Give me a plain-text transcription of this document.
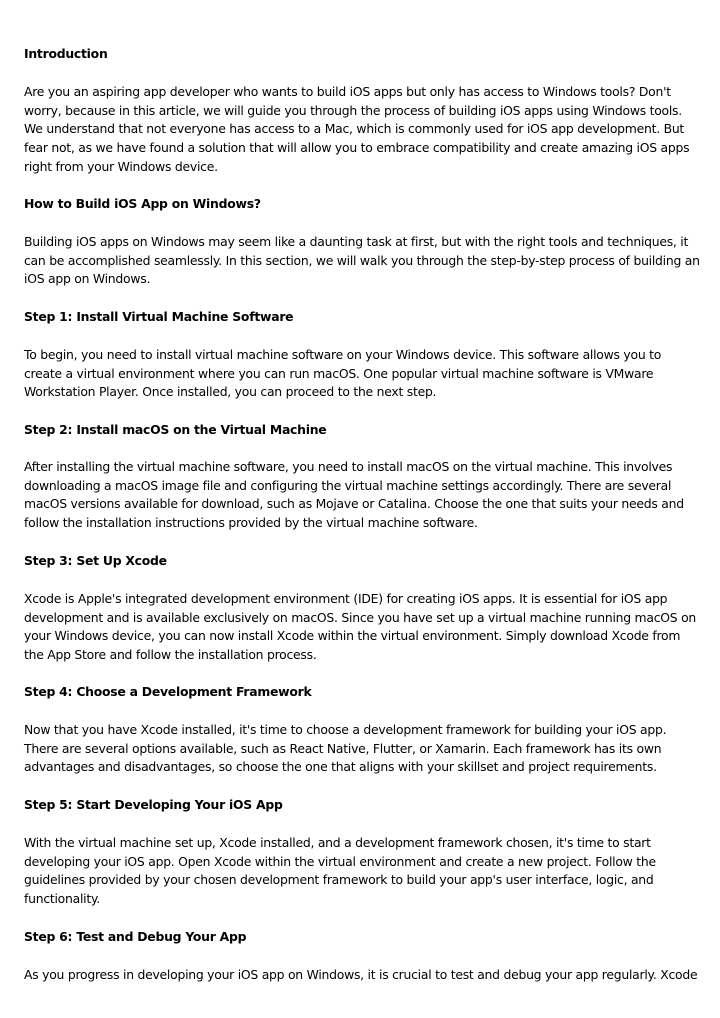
Introduction

Are you an aspiring app developer who wants to build iOS apps but only has access to Windows tools? Don't worry, because in this article, we will guide you through the process of building iOS apps using Windows tools. We understand that not everyone has access to a Mac, which is commonly used for iOS app development. But fear not, as we have found a solution that will allow you to embrace compatibility and create amazing iOS apps right from your Windows device.

How to Build iOS App on Windows?

Building iOS apps on Windows may seem like a daunting task at first, but with the right tools and techniques, it can be accomplished seamlessly. In this section, we will walk you through the step-by-step process of building an iOS app on Windows.

Step 1: Install Virtual Machine Software

To begin, you need to install virtual machine software on your Windows device. This software allows you to create a virtual environment where you can run macOS. One popular virtual machine software is VMware Workstation Player. Once installed, you can proceed to the next step.

Step 2: Install macOS on the Virtual Machine

After installing the virtual machine software, you need to install macOS on the virtual machine. This involves downloading a macOS image file and configuring the virtual machine settings accordingly. There are several macOS versions available for download, such as Mojave or Catalina. Choose the one that suits your needs and follow the installation instructions provided by the virtual machine software.

Step 3: Set Up Xcode

Xcode is Apple's integrated development environment (IDE) for creating iOS apps. It is essential for iOS app development and is available exclusively on macOS. Since you have set up a virtual machine running macOS on your Windows device, you can now install Xcode within the virtual environment. Simply download Xcode from the App Store and follow the installation process.

Step 4: Choose a Development Framework

Now that you have Xcode installed, it's time to choose a development framework for building your iOS app. There are several options available, such as React Native, Flutter, or Xamarin. Each framework has its own advantages and disadvantages, so choose the one that aligns with your skillset and project requirements.

Step 5: Start Developing Your iOS App

With the virtual machine set up, Xcode installed, and a development framework chosen, it's time to start developing your iOS app. Open Xcode within the virtual environment and create a new project. Follow the guidelines provided by your chosen development framework to build your app's user interface, logic, and functionality.

Step 6: Test and Debug Your App

As you progress in developing your iOS app on Windows, it is crucial to test and debug your app regularly. Xcode
